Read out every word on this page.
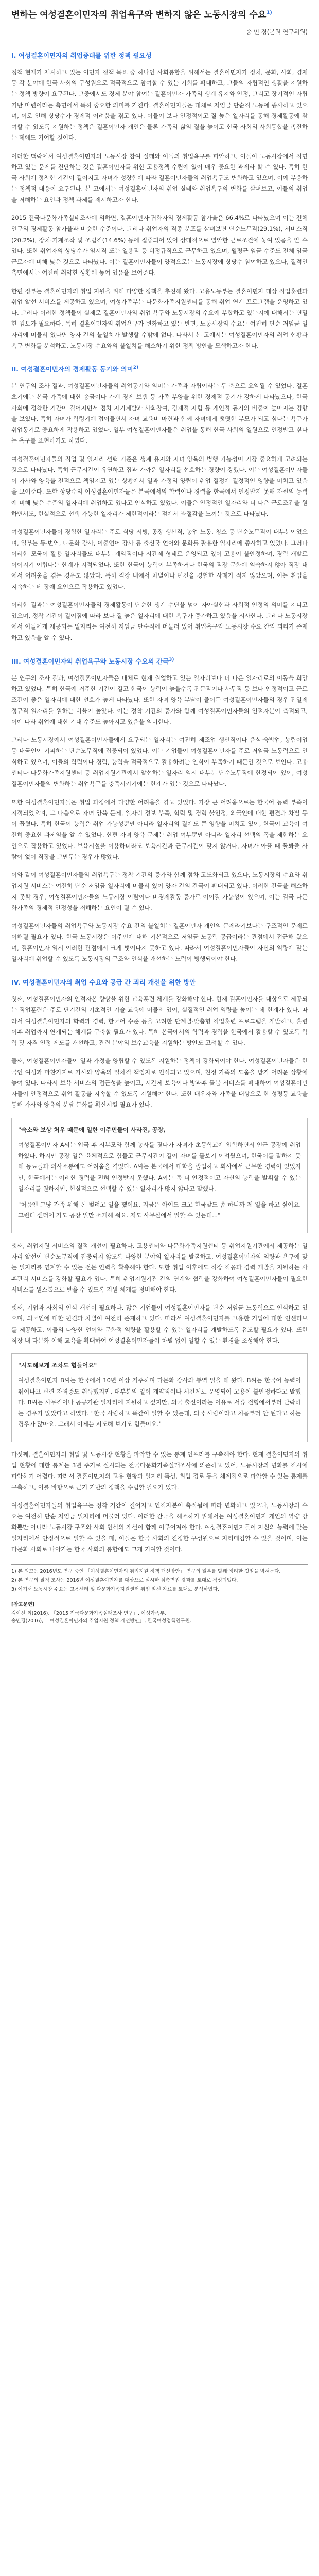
변하는 여성결혼이민자의 취업욕구와 변하지 않은 노동시장의 수요$^{1)}$
송 민 경(본원 연구위원)
I. 여성결혼이민자의 취업증대를 위한 정책 필요성

정책 현재가 제시하고 있는 이민자 정책 목표 중 하나인 사회통합을 위해서는 결혼이민자가 정치, 문화, 사회, 경제 등 각 분야에 한국 사회의 구성원으로 적극적으로 참여할 수 있는 기회를 확대하고, 그들의 자립적인 생활을 지원하는 정책 방향이 요구된다. 그중에서도 경제 분야 참여는 결혼이민자 가족의 생계 유지와 안정, 그리고 장기적인 자립 기반 마련이라는 측면에서 특히 중요한 의미를 가진다. 결혼이민자들은 대체로 저임금 단순직 노동에 종사하고 있으며, 이로 인해 상당수가 경제적 어려움을 겪고 있다. 이들이 보다 안정적이고 질 높은 일자리를 통해 경제활동에 참여할 수 있도록 지원하는 정책은 결혼이민자 개인은 물론 가족의 삶의 질을 높이고 한국 사회의 사회통합을 촉진하는 데에도 기여할 것이다.

이러한 맥락에서 여성결혼이민자의 노동시장 참여 실태와 이들의 취업욕구를 파악하고, 이들이 노동시장에서 직면하고 있는 문제를 진단하는 것은 결혼이민자를 위한 고용정책 수립에 있어 매우 중요한 과제라 할 수 있다. 특히 한국 사회에 정착한 기간이 길어지고 자녀가 성장함에 따라 결혼이민자들의 취업욕구도 변화하고 있으며, 이에 부응하는 정책적 대응이 요구된다. 본 고에서는 여성결혼이민자의 취업 실태와 취업욕구의 변화를 살펴보고, 이들의 취업을 저해하는 요인과 정책 과제를 제시하고자 한다.

2015 전국다문화가족실태조사에 의하면, 결혼이민자·귀화자의 경제활동 참가율은 66.4%로 나타났으며 이는 전체 인구의 경제활동 참가율과 비슷한 수준이다. 그러나 취업자의 직종 분포를 살펴보면 단순노무직(29.1%), 서비스직(20.2%), 장치·기계조작 및 조립직(14.6%) 등에 집중되어 있어 상대적으로 열악한 근로조건에 놓여 있음을 알 수 있다. 또한 취업자의 상당수가 임시직 또는 일용직 등 비정규직으로 근무하고 있으며, 월평균 임금 수준도 전체 임금근로자에 비해 낮은 것으로 나타났다. 이는 결혼이민자들이 양적으로는 노동시장에 상당수 참여하고 있으나, 질적인 측면에서는 여전히 취약한 상황에 놓여 있음을 보여준다.

한편 정부는 결혼이민자의 취업 지원을 위해 다양한 정책을 추진해 왔다. 고용노동부는 결혼이민자 대상 직업훈련과 취업 알선 서비스를 제공하고 있으며, 여성가족부는 다문화가족지원센터를 통해 취업 연계 프로그램을 운영하고 있다. 그러나 이러한 정책들이 실제로 결혼이민자의 취업 욕구와 노동시장의 수요에 부합하고 있는지에 대해서는 면밀한 검토가 필요하다. 특히 결혼이민자의 취업욕구가 변화하고 있는 반면, 노동시장의 수요는 여전히 단순 저임금 일자리에 머물러 있다면 양자 간의 불일치가 발생할 수밖에 없다. 따라서 본 고에서는 여성결혼이민자의 취업 현황과 욕구 변화를 분석하고, 노동시장 수요와의 불일치를 해소하기 위한 정책 방안을 모색하고자 한다.

II. 여성결혼이민자의 경제활동 동기와 의미$^{2)}$

본 연구의 조사 결과, 여성결혼이민자들의 취업동기와 의미는 가족과 자립이라는 두 축으로 요약될 수 있었다. 결혼 초기에는 본국 가족에 대한 송금이나 가계 경제 보탬 등 가족 부양을 위한 경제적 동기가 강하게 나타났으나, 한국 사회에 정착한 기간이 길어지면서 점차 자기계발과 사회참여, 경제적 자립 등 개인적 동기의 비중이 높아지는 경향을 보였다. 특히 자녀가 학령기에 접어들면서 자녀 교육비 마련과 함께 자녀에게 떳떳한 부모가 되고 싶다는 욕구가 취업동기로 중요하게 작용하고 있었다. 일부 여성결혼이민자들은 취업을 통해 한국 사회의 일원으로 인정받고 싶다는 욕구를 표현하기도 하였다.

여성결혼이민자들의 직업 및 일자리 선택 기준은 생계 유지와 자녀 양육의 병행 가능성이 가장 중요하게 고려되는 것으로 나타났다. 특히 근무시간이 유연하고 집과 가까운 일자리를 선호하는 경향이 강했다. 이는 여성결혼이민자들이 가사와 양육을 전적으로 책임지고 있는 상황에서 일과 가정의 양립이 취업 결정에 결정적인 영향을 미치고 있음을 보여준다. 또한 상당수의 여성결혼이민자들은 본국에서의 학력이나 경력을 한국에서 인정받지 못해 자신의 능력에 비해 낮은 수준의 일자리에 취업하고 있다고 인식하고 있었다. 이들은 안정적인 일자리와 더 나은 근로조건을 원하면서도, 현실적으로 선택 가능한 일자리가 제한적이라는 점에서 좌절감을 느끼는 것으로 나타났다.

여성결혼이민자들이 경험한 일자리는 주로 식당 서빙, 공장 생산직, 농업 노동, 청소 등 단순노무직이 대부분이었으며, 일부는 통·번역, 다문화 강사, 이중언어 강사 등 출신국 언어와 문화를 활용한 일자리에 종사하고 있었다. 그러나 이러한 모국어 활용 일자리들도 대부분 계약직이나 시간제 형태로 운영되고 있어 고용이 불안정하며, 경력 개발로 이어지기 어렵다는 한계가 지적되었다. 또한 한국어 능력이 부족하거나 한국의 직장 문화에 익숙하지 않아 직장 내에서 어려움을 겪는 경우도 많았다. 특히 직장 내에서 차별이나 편견을 경험한 사례가 적지 않았으며, 이는 취업을 지속하는 데 장애 요인으로 작용하고 있었다.

이러한 결과는 여성결혼이민자들의 경제활동이 단순한 생계 수단을 넘어 자아실현과 사회적 인정의 의미를 지니고 있으며, 정착 기간이 길어짐에 따라 보다 질 높은 일자리에 대한 욕구가 증가하고 있음을 시사한다. 그러나 노동시장에서 이들에게 제공되는 일자리는 여전히 저임금 단순직에 머물러 있어 취업욕구와 노동시장 수요 간의 괴리가 존재하고 있음을 알 수 있다.

III. 여성결혼이민자의 취업욕구와 노동시장 수요의 간극$^{3)}$

본 연구의 조사 결과, 여성결혼이민자들은 대체로 현재 취업하고 있는 일자리보다 더 나은 일자리로의 이동을 희망하고 있었다. 특히 한국에 거주한 기간이 길고 한국어 능력이 높을수록 전문직이나 사무직 등 보다 안정적이고 근로조건이 좋은 일자리에 대한 선호가 높게 나타났다. 또한 자녀 양육 부담이 줄어든 여성결혼이민자들의 경우 전일제 정규직 일자리를 원하는 비율이 높았다. 이는 정착 기간의 증가와 함께 여성결혼이민자들의 인적자본이 축적되고, 이에 따라 취업에 대한 기대 수준도 높아지고 있음을 의미한다.

그러나 노동시장에서 여성결혼이민자들에게 요구되는 일자리는 여전히 제조업 생산직이나 음식·숙박업, 농림어업 등 내국인이 기피하는 단순노무직에 집중되어 있었다. 이는 기업들이 여성결혼이민자를 주로 저임금 노동력으로 인식하고 있으며, 이들의 학력이나 경력, 능력을 적극적으로 활용하려는 인식이 부족하기 때문인 것으로 보인다. 고용센터나 다문화가족지원센터 등 취업지원기관에서 알선하는 일자리 역시 대부분 단순노무직에 한정되어 있어, 여성결혼이민자들의 변화하는 취업욕구를 충족시키기에는 한계가 있는 것으로 나타났다.

또한 여성결혼이민자들은 취업 과정에서 다양한 어려움을 겪고 있었다. 가장 큰 어려움으로는 한국어 능력 부족이 지적되었으며, 그 다음으로 자녀 양육 문제, 일자리 정보 부족, 학력 및 경력 불인정, 외국인에 대한 편견과 차별 등이 꼽혔다. 특히 한국어 능력은 취업 가능성뿐만 아니라 일자리의 질에도 큰 영향을 미치고 있어, 한국어 교육이 여전히 중요한 과제임을 알 수 있었다. 한편 자녀 양육 문제는 취업 여부뿐만 아니라 일자리 선택의 폭을 제한하는 요인으로 작용하고 있었다. 보육시설을 이용하더라도 보육시간과 근무시간이 맞지 않거나, 자녀가 아플 때 돌봐줄 사람이 없어 직장을 그만두는 경우가 많았다.

이와 같이 여성결혼이민자들의 취업욕구는 정착 기간의 증가와 함께 점차 고도화되고 있으나, 노동시장의 수요와 취업지원 서비스는 여전히 단순 저임금 일자리에 머물러 있어 양자 간의 간극이 확대되고 있다. 이러한 간극을 해소하지 못할 경우, 여성결혼이민자들의 노동시장 이탈이나 비경제활동 증가로 이어질 가능성이 있으며, 이는 결국 다문화가족의 경제적 안정성을 저해하는 요인이 될 수 있다.

여성결혼이민자들의 취업욕구와 노동시장 수요 간의 불일치는 결혼이민자 개인의 문제라기보다는 구조적인 문제로 이해될 필요가 있다. 한국 노동시장은 이주민에 대해 기본적으로 저임금 노동력 공급이라는 관점에서 접근해 왔으며, 결혼이민자 역시 이러한 관점에서 크게 벗어나지 못하고 있다. 따라서 여성결혼이민자들이 자신의 역량에 맞는 일자리에 취업할 수 있도록 노동시장의 구조와 인식을 개선하는 노력이 병행되어야 한다.

IV. 여성결혼이민자의 취업 수요와 공급 간 괴리 개선을 위한 방안

첫째, 여성결혼이민자의 인적자본 향상을 위한 교육훈련 체계를 강화해야 한다. 현재 결혼이민자를 대상으로 제공되는 직업훈련은 주로 단기간의 기초적인 기술 교육에 머물러 있어, 실질적인 취업 역량을 높이는 데 한계가 있다. 따라서 여성결혼이민자의 학력과 경력, 한국어 수준 등을 고려한 단계별·맞춤형 직업훈련 프로그램을 개발하고, 훈련 이후 취업까지 연계되는 체계를 구축할 필요가 있다. 특히 본국에서의 학력과 경력을 한국에서 활용할 수 있도록 학력 및 자격 인정 제도를 개선하고, 관련 분야의 보수교육을 지원하는 방안도 고려할 수 있다.

둘째, 여성결혼이민자들이 일과 가정을 양립할 수 있도록 지원하는 정책이 강화되어야 한다. 여성결혼이민자들은 한국인 여성과 마찬가지로 가사와 양육의 일차적 책임자로 인식되고 있으며, 친정 가족의 도움을 받기 어려운 상황에 놓여 있다. 따라서 보육 서비스의 접근성을 높이고, 시간제 보육이나 방과후 돌봄 서비스를 확대하여 여성결혼이민자들이 안정적으로 취업 활동을 지속할 수 있도록 지원해야 한다. 또한 배우자와 가족을 대상으로 한 성평등 교육을 통해 가사와 양육의 분담 문화를 확산시킬 필요가 있다.

"숙소와 보상 처우 때문에 일한 이주민들이 사라진, 공장,

여성결혼이민자 A씨는 입국 후 시부모와 함께 농사를 짓다가 자녀가 초등학교에 입학하면서 인근 공장에 취업하였다. 하지만 공장 일은 육체적으로 힘들고 근무시간이 길어 자녀를 돌보기 어려웠으며, 한국어를 잘하지 못해 동료들과 의사소통에도 어려움을 겪었다. A씨는 본국에서 대학을 졸업하고 회사에서 근무한 경력이 있었지만, 한국에서는 이러한 경력을 전혀 인정받지 못했다. A씨는 좀 더 안정적이고 자신의 능력을 발휘할 수 있는 일자리를 원하지만, 현실적으로 선택할 수 있는 일자리가 많지 않다고 말했다.

"처음엔 그냥 가족 위해 돈 벌려고 일을 했어요. 지금은 아이도 크고 한국말도 좀 하니까 제 일을 하고 싶어요. 그런데 센터에 가도 공장 일만 소개해 줘요. 저도 사무실에서 일할 수 있는데..."

셋째, 취업지원 서비스의 질적 개선이 필요하다. 고용센터와 다문화가족지원센터 등 취업지원기관에서 제공하는 일자리 알선이 단순노무직에 집중되지 않도록 다양한 분야의 일자리를 발굴하고, 여성결혼이민자의 역량과 욕구에 맞는 일자리를 연계할 수 있는 전문 인력을 확충해야 한다. 또한 취업 이후에도 직장 적응과 경력 개발을 지원하는 사후관리 서비스를 강화할 필요가 있다. 특히 취업지원기관 간의 연계와 협력을 강화하여 여성결혼이민자들이 필요한 서비스를 원스톱으로 받을 수 있도록 지원 체계를 정비해야 한다.

넷째, 기업과 사회의 인식 개선이 필요하다. 많은 기업들이 여성결혼이민자를 단순 저임금 노동력으로 인식하고 있으며, 외국인에 대한 편견과 차별이 여전히 존재하고 있다. 따라서 여성결혼이민자를 고용한 기업에 대한 인센티브를 제공하고, 이들의 다양한 언어와 문화적 역량을 활용할 수 있는 일자리를 개발하도록 유도할 필요가 있다. 또한 직장 내 다문화 이해 교육을 확대하여 여성결혼이민자들이 차별 없이 일할 수 있는 환경을 조성해야 한다.

"시도해보게 조차도 힘들어요"

여성결혼이민자 B씨는 한국에서 10년 이상 거주하며 다문화 강사와 통역 일을 해 왔다. B씨는 한국어 능력이 뛰어나고 관련 자격증도 취득했지만, 대부분의 일이 계약직이나 시간제로 운영되어 고용이 불안정하다고 말했다. B씨는 사무직이나 공공기관 일자리에 지원하고 싶지만, 외국 출신이라는 이유로 서류 전형에서부터 탈락하는 경우가 많았다고 하였다. "한국 사람하고 똑같이 일할 수 있는데, 외국 사람이라고 처음부터 안 된다고 하는 경우가 많아요. 그래서 이제는 시도해 보기도 힘들어요."

다섯째, 결혼이민자의 취업 및 노동시장 현황을 파악할 수 있는 통계 인프라를 구축해야 한다. 현재 결혼이민자의 취업 현황에 대한 통계는 3년 주기로 실시되는 전국다문화가족실태조사에 의존하고 있어, 노동시장의 변화를 적시에 파악하기 어렵다. 따라서 결혼이민자의 고용 현황과 일자리 특성, 취업 경로 등을 체계적으로 파악할 수 있는 통계를 구축하고, 이를 바탕으로 근거 기반의 정책을 수립할 필요가 있다.

여성결혼이민자들의 취업욕구는 정착 기간이 길어지고 인적자본이 축적됨에 따라 변화하고 있으나, 노동시장의 수요는 여전히 단순 저임금 일자리에 머물러 있다. 이러한 간극을 해소하기 위해서는 여성결혼이민자 개인의 역량 강화뿐만 아니라 노동시장 구조와 사회 인식의 개선이 함께 이루어져야 한다. 여성결혼이민자들이 자신의 능력에 맞는 일자리에서 안정적으로 일할 수 있을 때, 이들은 한국 사회의 진정한 구성원으로 자리매김할 수 있을 것이며, 이는 다문화 사회로 나아가는 한국 사회의 통합에도 크게 기여할 것이다.

1) 본 원고는 2016년도 연구 중인 「여성결혼이민자의 취업지원 정책 개선방안」 연구의 일부를 발췌·정리한 것임을 밝혀둔다.
2) 본 연구의 질적 조사는 2016년 여성결혼이민자를 대상으로 실시한 심층면접 결과를 토대로 작성되었다.
3) 여기서 노동시장 수요는 고용센터 및 다문화가족지원센터 취업 알선 자료를 토대로 분석하였다.
[참고문헌]
김이선 외(2016), 「2015 전국다문화가족실태조사 연구」, 여성가족부.
송민경(2016), 「여성결혼이민자의 취업지원 정책 개선방안」, 한국여성정책연구원.
